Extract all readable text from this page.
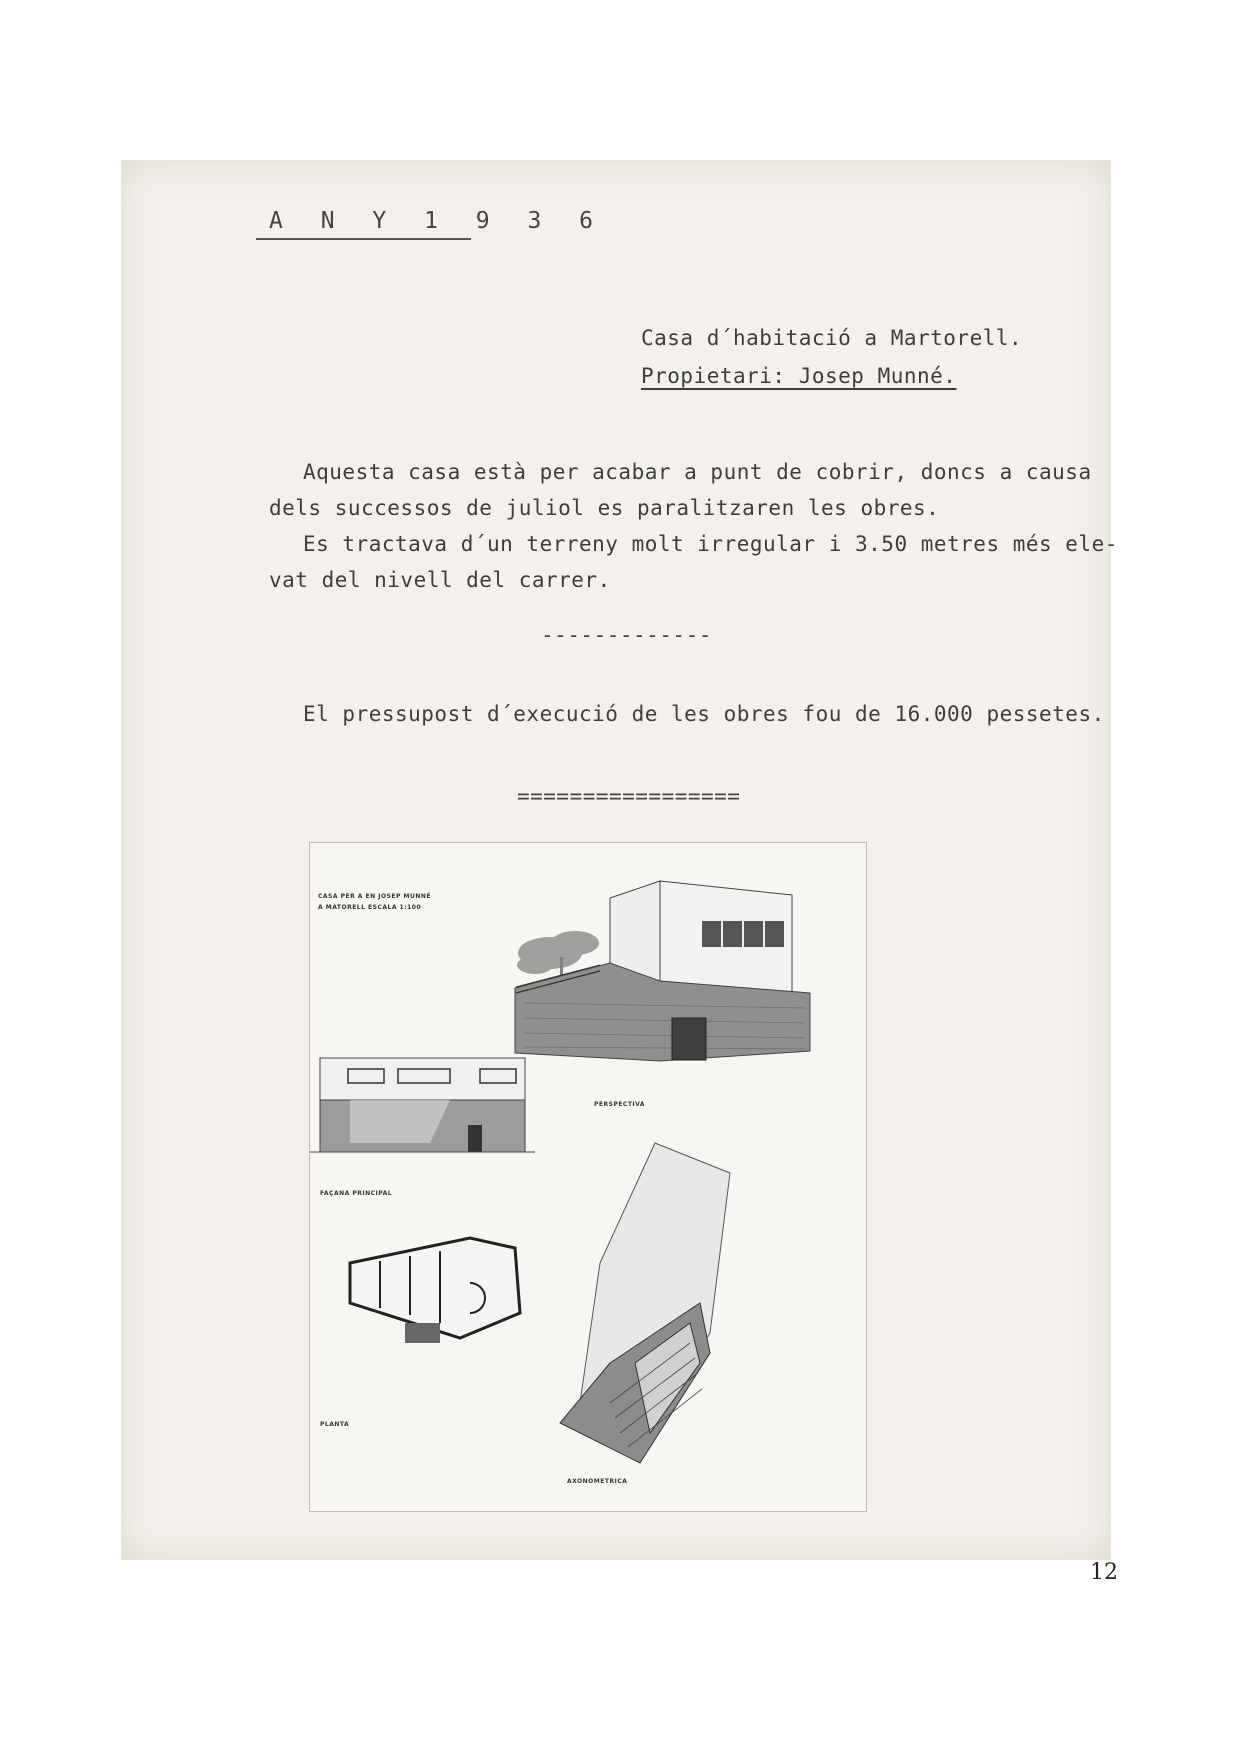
A N Y 1 9 3 6
Casa d´habitació a Martorell.
Propietari: Josep Munné.
Aquesta casa està per acabar a punt de cobrir, doncs a causa
dels successos de juliol es paralitzaren les obres.
Es tractava d´un terreny molt irregular i 3.50 metres més ele-
vat del nivell del carrer.
-------------
El pressupost d´execució de les obres fou de 16.000 pessetes.
=================
CASA PER A EN JOSEP MUNNÉ
A MATORELL ESCALA 1:100
PERSPECTIVA
FAÇANA PRINCIPAL
PLANTA
AXONOMETRICA
12
